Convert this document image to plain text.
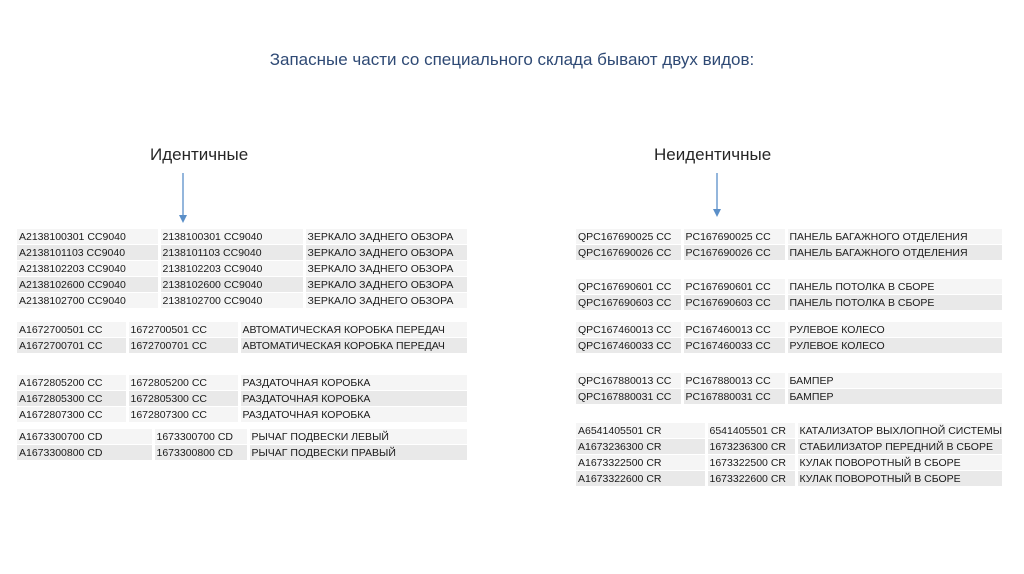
Запасные части со специального склада бывают двух видов:
Идентичные	Неидентичные
A2138100301 CC9040	2138100301 CC9040	ЗЕРКАЛО ЗАДНЕГО ОБЗОРА
A2138101103 CC9040	2138101103 CC9040	ЗЕРКАЛО ЗАДНЕГО ОБЗОРА
A2138102203 CC9040	2138102203 CC9040	ЗЕРКАЛО ЗАДНЕГО ОБЗОРА
A2138102600 CC9040	2138102600 CC9040	ЗЕРКАЛО ЗАДНЕГО ОБЗОРА
A2138102700 CC9040	2138102700 CC9040	ЗЕРКАЛО ЗАДНЕГО ОБЗОРА
A1672700501 CC	1672700501 CC	АВТОМАТИЧЕСКАЯ КОРОБКА ПЕРЕДАЧ
A1672700701 CC	1672700701 CC	АВТОМАТИЧЕСКАЯ КОРОБКА ПЕРЕДАЧ
A1672805200 CC	1672805200 CC	РАЗДАТОЧНАЯ КОРОБКА
A1672805300 CC	1672805300 CC	РАЗДАТОЧНАЯ КОРОБКА
A1672807300 CC	1672807300 CC	РАЗДАТОЧНАЯ КОРОБКА
A1673300700 CD	1673300700 CD	РЫЧАГ ПОДВЕСКИ ЛЕВЫЙ
A1673300800 CD	1673300800 CD	РЫЧАГ ПОДВЕСКИ ПРАВЫЙ
QPC167690025 CC	PC167690025 CC	ПАНЕЛЬ БАГАЖНОГО ОТДЕЛЕНИЯ
QPC167690026 CC	PC167690026 CC	ПАНЕЛЬ БАГАЖНОГО ОТДЕЛЕНИЯ
QPC167690601 CC	PC167690601 CC	ПАНЕЛЬ ПОТОЛКА В СБОРЕ
QPC167690603 CC	PC167690603 CC	ПАНЕЛЬ ПОТОЛКА В СБОРЕ
QPC167460013 CC	PC167460013 CC	РУЛЕВОЕ КОЛЕСО
QPC167460033 CC	PC167460033 CC	РУЛЕВОЕ КОЛЕСО
QPC167880013 CC	PC167880013 CC	БАМПЕР
QPC167880031 CC	PC167880031 CC	БАМПЕР
A6541405501 CR	6541405501 CR	КАТАЛИЗАТОР ВЫХЛОПНОЙ СИСТЕМЫ
A1673236300 CR	1673236300 CR	СТАБИЛИЗАТОР ПЕРЕДНИЙ В СБОРЕ
A1673322500 CR	1673322500 CR	КУЛАК ПОВОРОТНЫЙ В СБОРЕ
A1673322600 CR	1673322600 CR	КУЛАК ПОВОРОТНЫЙ В СБОРЕ
